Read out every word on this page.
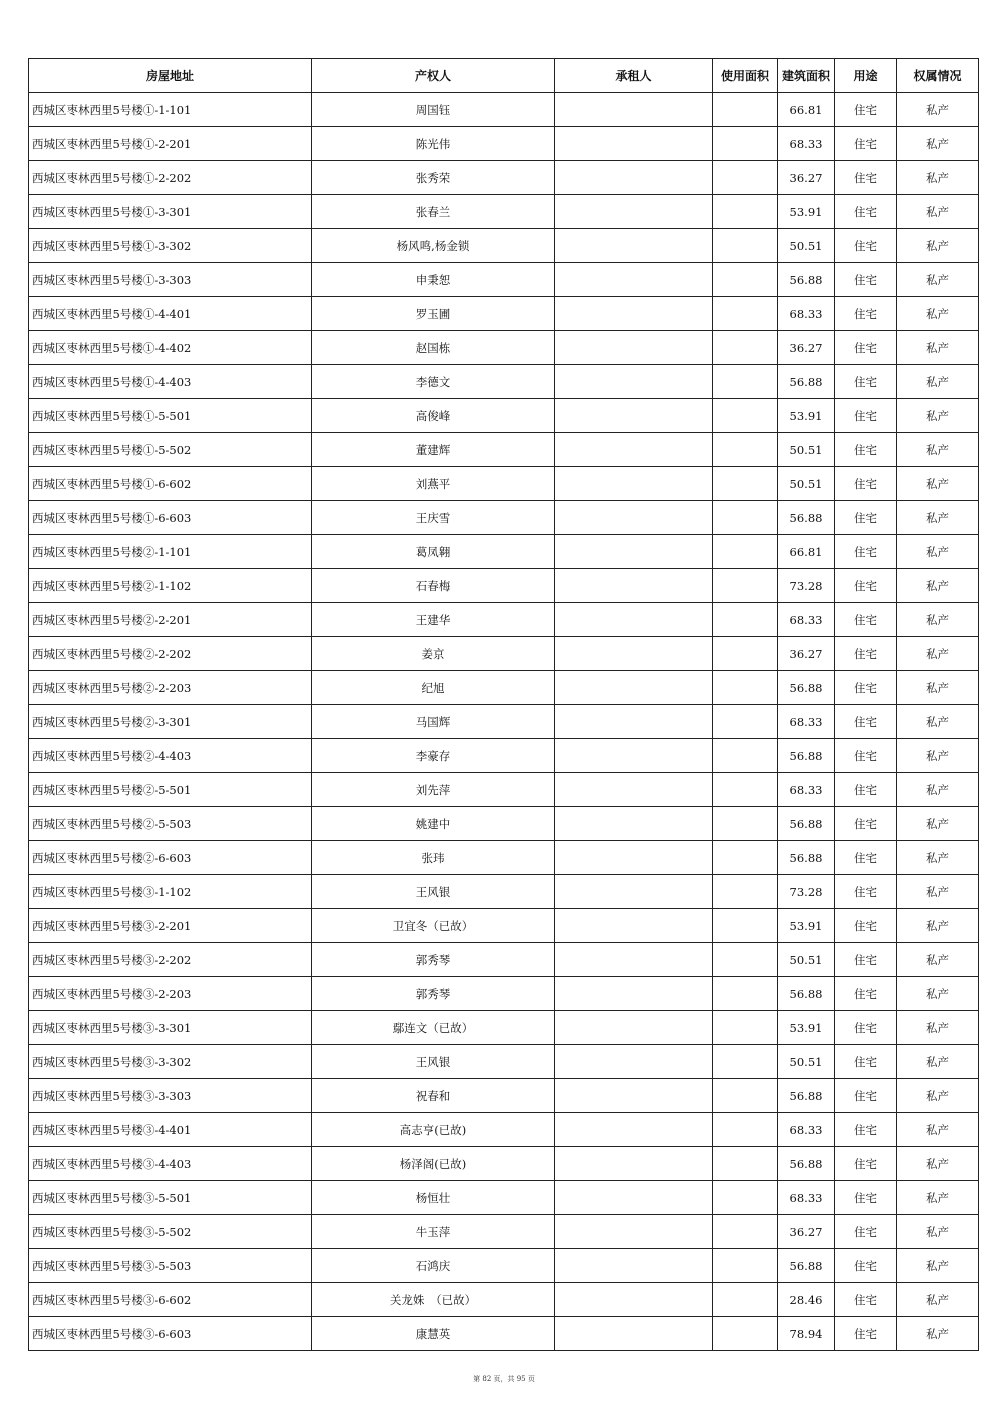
房屋地址	产权人	承租人	使用面积	建筑面积	用途	权属情况
西城区枣林西里5号楼①-1-101	周国钰			66.81	住宅	私产
西城区枣林西里5号楼①-2-201	陈光伟			68.33	住宅	私产
西城区枣林西里5号楼①-2-202	张秀荣			36.27	住宅	私产
西城区枣林西里5号楼①-3-301	张春兰			53.91	住宅	私产
西城区枣林西里5号楼①-3-302	杨风鸣,杨金锁			50.51	住宅	私产
西城区枣林西里5号楼①-3-303	申秉恕			56.88	住宅	私产
西城区枣林西里5号楼①-4-401	罗玉圃			68.33	住宅	私产
西城区枣林西里5号楼①-4-402	赵国栋			36.27	住宅	私产
西城区枣林西里5号楼①-4-403	李德文			56.88	住宅	私产
西城区枣林西里5号楼①-5-501	高俊峰			53.91	住宅	私产
西城区枣林西里5号楼①-5-502	董建辉			50.51	住宅	私产
西城区枣林西里5号楼①-6-602	刘燕平			50.51	住宅	私产
西城区枣林西里5号楼①-6-603	王庆雪			56.88	住宅	私产
西城区枣林西里5号楼②-1-101	葛凤翱			66.81	住宅	私产
西城区枣林西里5号楼②-1-102	石春梅			73.28	住宅	私产
西城区枣林西里5号楼②-2-201	王建华			68.33	住宅	私产
西城区枣林西里5号楼②-2-202	姜京			36.27	住宅	私产
西城区枣林西里5号楼②-2-203	纪旭			56.88	住宅	私产
西城区枣林西里5号楼②-3-301	马国辉			68.33	住宅	私产
西城区枣林西里5号楼②-4-403	李豪存			56.88	住宅	私产
西城区枣林西里5号楼②-5-501	刘先萍			68.33	住宅	私产
西城区枣林西里5号楼②-5-503	姚建中			56.88	住宅	私产
西城区枣林西里5号楼②-6-603	张玮			56.88	住宅	私产
西城区枣林西里5号楼③-1-102	王风银			73.28	住宅	私产
西城区枣林西里5号楼③-2-201	卫宜冬（已故）			53.91	住宅	私产
西城区枣林西里5号楼③-2-202	郭秀琴			50.51	住宅	私产
西城区枣林西里5号楼③-2-203	郭秀琴			56.88	住宅	私产
西城区枣林西里5号楼③-3-301	鄢连文（已故）			53.91	住宅	私产
西城区枣林西里5号楼③-3-302	王风银			50.51	住宅	私产
西城区枣林西里5号楼③-3-303	祝春和			56.88	住宅	私产
西城区枣林西里5号楼③-4-401	高志亨(已故)			68.33	住宅	私产
西城区枣林西里5号楼③-4-403	杨泽阁(已故)			56.88	住宅	私产
西城区枣林西里5号楼③-5-501	杨恒壮			68.33	住宅	私产
西城区枣林西里5号楼③-5-502	牛玉萍			36.27	住宅	私产
西城区枣林西里5号楼③-5-503	石鸿庆			56.88	住宅	私产
西城区枣林西里5号楼③-6-602	关龙姝　（已故）			28.46	住宅	私产
西城区枣林西里5号楼③-6-603	康慧英			78.94	住宅	私产
第 82 页，共 95 页
